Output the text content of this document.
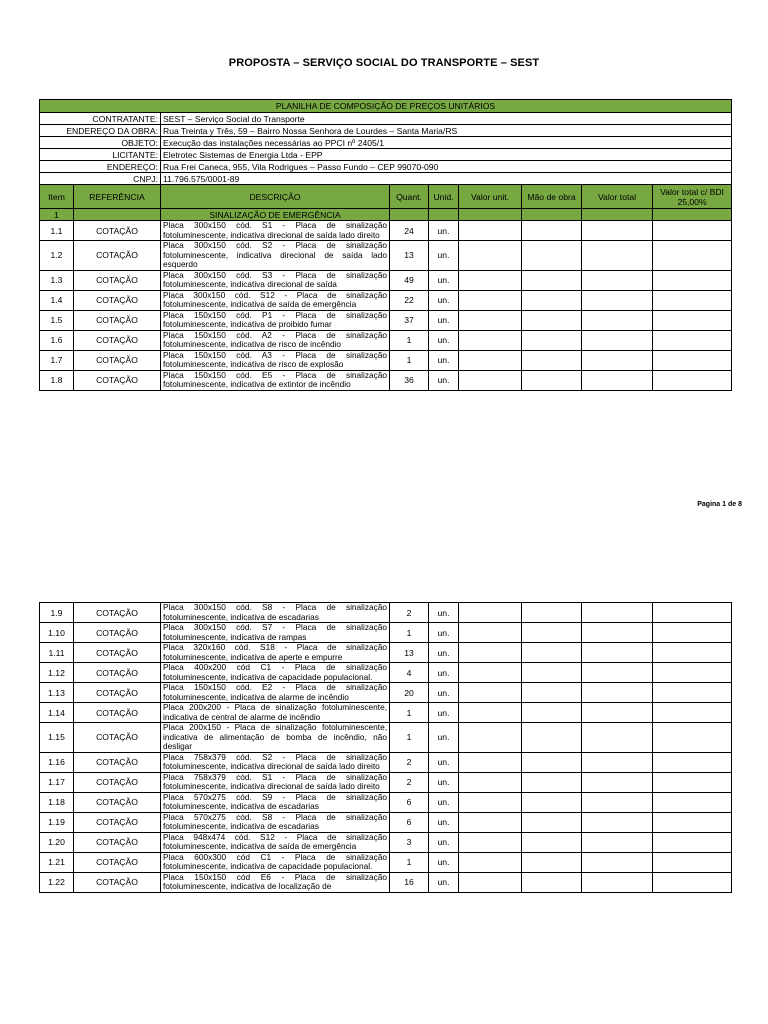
PROPOSTA – SERVIÇO SOCIAL DO TRANSPORTE – SEST
PLANILHA DE COMPOSIÇÃO DE PREÇOS UNITÁRIOS								
CONTRATANTE:		SEST – Serviço Social do Transporte						
ENDEREÇO DA OBRA:		Rua Treinta y Três, 59 – Bairro Nossa Senhora de Lourdes – Santa Maria/RS						
OBJETO:		Execução das instalações necessárias ao PPCI nº 2405/1						
LICITANTE:		Eletrotec Sistemas de Energia Ltda - EPP						
ENDEREÇO:		Rua Frei Caneca, 955, Vila Rodrigues – Passo Fundo – CEP 99070-090						
CNPJ:		11.796.575/0001-89						
Item	REFERÊNCIA	DESCRIÇÃO	Quant.	Unid.	Valor unit.	Mão de obra	Valor total	Valor total c/ BDI 25,00%
1		SINALIZAÇÃO DE EMERGÊNCIA						
1.1	COTAÇÃO	Placa 300x150 cód. S1 - Placa de sinalização fotoluminescente, indicativa direcional de saída lado direito	24	un.				
1.2	COTAÇÃO	Placa 300x150 cód. S2 - Placa de sinalização fotoluminescente, indicativa direcional de saída lado esquerdo	13	un.				
1.3	COTAÇÃO	Placa 300x150 cód. S3 - Placa de sinalização fotoluminescente, indicativa direcional de saída	49	un.				
1.4	COTAÇÃO	Placa 300x150 cód. S12 - Placa de sinalização fotoluminescente, indicativa de saída de emergência	22	un.				
1.5	COTAÇÃO	Placa 150x150 cód. P1 - Placa de sinalização fotoluminescente, indicativa de proibido fumar	37	un.				
1.6	COTAÇÃO	Placa 150x150 cód. A2 - Placa de sinalização fotoluminescente, indicativa de risco de incêndio	1	un.				
1.7	COTAÇÃO	Placa 150x150 cód. A3 - Placa de sinalização fotoluminescente, indicativa de risco de explosão	1	un.				
1.8	COTAÇÃO	Placa 150x150 cód. E5 - Placa de sinalização fotoluminescente, indicativa de extintor de incêndio	36	un.				
Pagina 1 de 8
1.9	COTAÇÃO	Placa 300x150 cód. S8 - Placa de sinalização fotoluminescente, indicativa de escadarias	2	un.				
1.10	COTAÇÃO	Placa 300x150 cód. S7 - Placa de sinalização fotoluminescente, indicativa de rampas	1	un.				
1.11	COTAÇÃO	Placa 320x160 cód. S18 - Placa de sinalização fotoluminescente, indicativa de aperte e empurre	13	un.				
1.12	COTAÇÃO	Placa 400x200 cód C1 - Placa de sinalização fotoluminescente, indicativa de capacidade populacional.	4	un.				
1.13	COTAÇÃO	Placa 150x150 cód. E2 - Placa de sinalização fotoluminescente, indicativa de alarme de incêndio	20	un.				
1.14	COTAÇÃO	Placa 200x200 - Placa de sinalização fotoluminescente, indicativa de central de alarme de incêndio	1	un.				
1.15	COTAÇÃO	Placa 200x150 - Placa de sinalização fotoluminescente, indicativa de alimentação de bomba de incêndio, não desligar	1	un.				
1.16	COTAÇÃO	Placa 758x379 cód. S2 - Placa de sinalização fotoluminescente, indicativa direcional de saída lado direito	2	un.				
1.17	COTAÇÃO	Placa 758x379 cód. S1 - Placa de sinalização fotoluminescente, indicativa direcional de saída lado direito	2	un.				
1.18	COTAÇÃO	Placa 570x275 cód. S9 - Placa de sinalização fotoluminescente, indicativa de escadarias	6	un.				
1.19	COTAÇÃO	Placa 570x275 cód. S8 - Placa de sinalização fotoluminescente, indicativa de escadarias	6	un.				
1.20	COTAÇÃO	Placa 948x474 cód. S12 - Placa de sinalização fotoluminescente, indicativa de saída de emergência	3	un.				
1.21	COTAÇÃO	Placa 600x300 cód C1 - Placa de sinalização fotoluminescente, indicativa de capacidade populacional.	1	un.				
1.22	COTAÇÃO	Placa 150x150 cód E6 - Placa de sinalização fotoluminescente, indicativa de localização de	16	un.				
